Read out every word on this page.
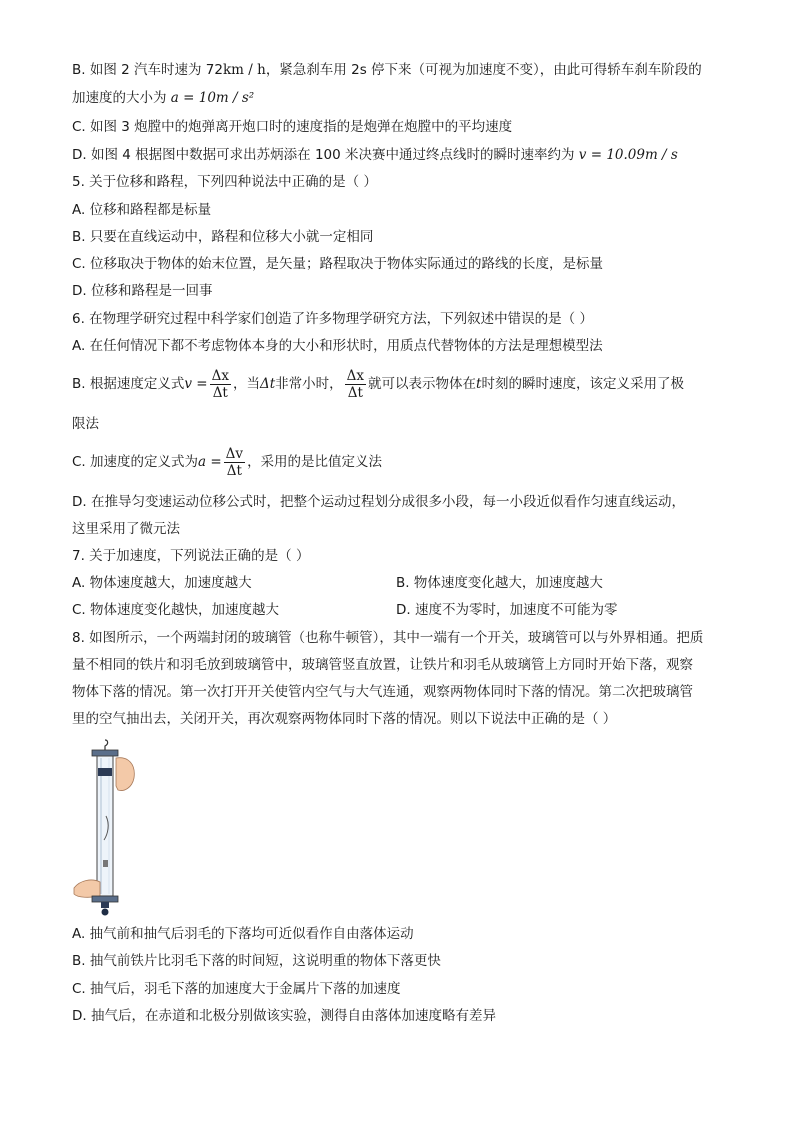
B. 如图 2 汽车时速为 72km / h，紧急刹车用 2s 停下来（可视为加速度不变），由此可得轿车刹车阶段的
加速度的大小为 a = 10m / s²
C. 如图 3 炮膛中的炮弹离开炮口时的速度指的是炮弹在炮膛中的平均速度
D. 如图 4 根据图中数据可求出苏炳添在 100 米决赛中通过终点线时的瞬时速率约为 v = 10.09m / s
5. 关于位移和路程，下列四种说法中正确的是（ ）
A. 位移和路程都是标量
B. 只要在直线运动中，路程和位移大小就一定相同
C. 位移取决于物体的始末位置，是矢量；路程取决于物体实际通过的路线的长度，是标量
D. 位移和路程是一回事
6. 在物理学研究过程中科学家们创造了许多物理学研究方法，下列叙述中错误的是（ ）
A. 在任何情况下都不考虑物体本身的大小和形状时，用质点代替物体的方法是理想模型法
B. 根据速度定义式$v = \frac{\Delta x}{\Delta t}$ ，当Δt非常小时， $\frac{\Delta x}{\Delta t}$ 就可以表示物体在t时刻的瞬时速度，该定义采用了极
限法
C. 加速度的定义式为$a = \frac{\Delta v}{\Delta t}$ ，采用的是比值定义法
D. 在推导匀变速运动位移公式时，把整个运动过程划分成很多小段，每一小段近似看作匀速直线运动，
这里采用了微元法
7. 关于加速度，下列说法正确的是（ ）
A. 物体速度越大，加速度越大	B. 物体速度变化越大，加速度越大
C. 物体速度变化越快，加速度越大	D. 速度不为零时，加速度不可能为零
8. 如图所示，一个两端封闭的玻璃管（也称牛顿管），其中一端有一个开关，玻璃管可以与外界相通。把质
量不相同的铁片和羽毛放到玻璃管中，玻璃管竖直放置，让铁片和羽毛从玻璃管上方同时开始下落，观察
物体下落的情况。第一次打开开关使管内空气与大气连通，观察两物体同时下落的情况。第二次把玻璃管
里的空气抽出去，关闭开关，再次观察两物体同时下落的情况。则以下说法中正确的是（ ）
A. 抽气前和抽气后羽毛的下落均可近似看作自由落体运动
B. 抽气前铁片比羽毛下落的时间短，这说明重的物体下落更快
C. 抽气后，羽毛下落的加速度大于金属片下落的加速度
D. 抽气后，在赤道和北极分别做该实验，测得自由落体加速度略有差异
